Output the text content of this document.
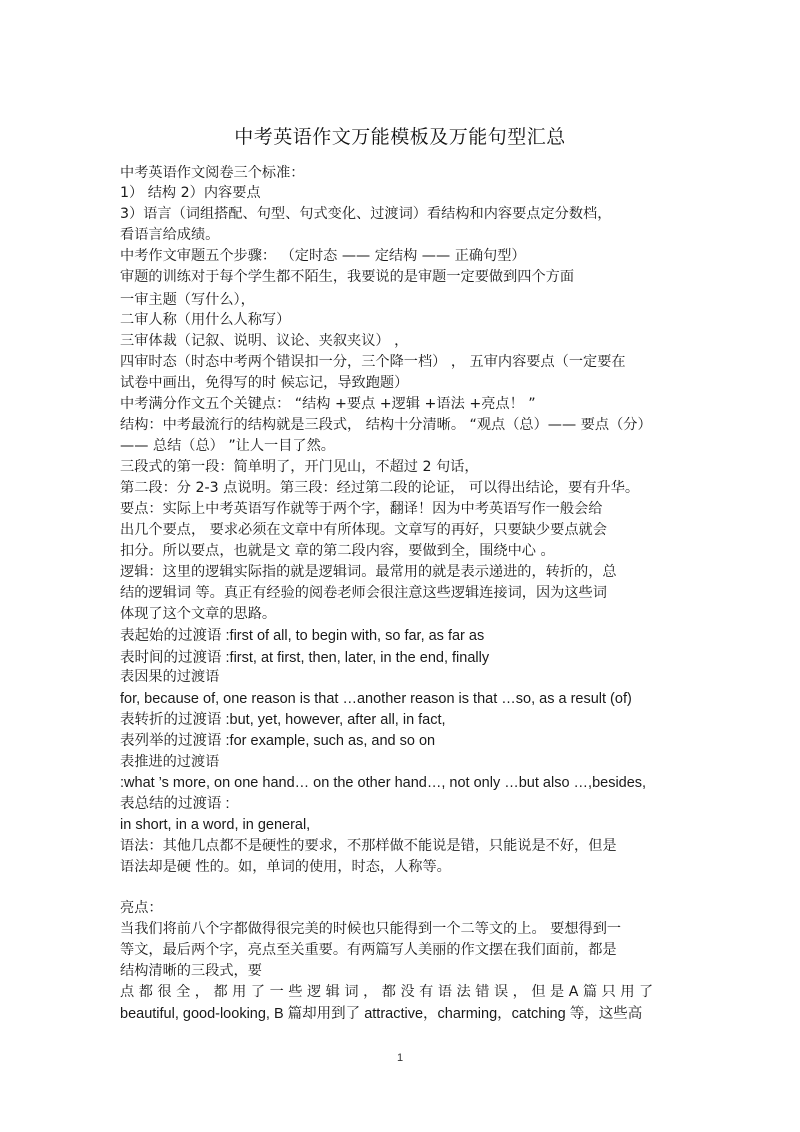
中考英语作文万能模板及万能句型汇总
中考英语作文阅卷三个标准：
1） 结构 2）内容要点
3）语言（词组搭配、句型、句式变化、过渡词）看结构和内容要点定分数档，
看语言给成绩。
中考作文审题五个步骤： （定时态 —— 定结构 —— 正确句型）
审题的训练对于每个学生都不陌生，我要说的是审题一定要做到四个方面
一审主题（写什么），
二审人称（用什么人称写）
三审体裁（记叙、说明、议论、夹叙夹议） ，
四审时态（时态中考两个错误扣一分，三个降一档） ， 五审内容要点（一定要在
试卷中画出，免得写的时 候忘记，导致跑题）
中考满分作文五个关键点： “结构 +要点 +逻辑 +语法 +亮点！ ”
结构：中考最流行的结构就是三段式， 结构十分清晰。 “观点（总）—— 要点（分）
—— 总结（总） ”让人一目了然。
三段式的第一段：简单明了，开门见山，不超过 2 句话，
第二段：分 2-3 点说明。第三段：经过第二段的论证， 可以得出结论，要有升华。
要点：实际上中考英语写作就等于两个字，翻译！因为中考英语写作一般会给
出几个要点， 要求必须在文章中有所体现。文章写的再好，只要缺少要点就会
扣分。所以要点，也就是文 章的第二段内容，要做到全，围绕中心 。
逻辑：这里的逻辑实际指的就是逻辑词。最常用的就是表示递进的，转折的，总
结的逻辑词 等。真正有经验的阅卷老师会很注意这些逻辑连接词，因为这些词
体现了这个文章的思路。
表起始的过渡语 :first of all, to begin with, so far, as far as
表时间的过渡语 :first, at first, then, later, in the end, finally
表因果的过渡语
for, because of, one reason is that …another reason is that …so, as a result (of)
表转折的过渡语 :but, yet, however, after all, in fact,
表列举的过渡语 :for example, such as, and so on
表推进的过渡语
:what ’s more, on one hand… on the other hand…, not only …but also …,besides,
表总结的过渡语 :
in short, in a word, in general,
语法：其他几点都不是硬性的要求，不那样做不能说是错，只能说是不好，但是
语法却是硬 性的。如，单词的使用，时态，人称等。
亮点：
当我们将前八个字都做得很完美的时候也只能得到一个二等文的上。 要想得到一
等文，最后两个字，亮点至关重要。有两篇写人美丽的作文摆在我们面前，都是
结构清晰的三段式，要
点 都 很 全 ， 都 用 了 一 些 逻 辑 词 ， 都 没 有 语 法 错 误 ， 但 是 A 篇 只 用 了
beautiful, good-looking, B 篇却用到了 attractive，charming，catching 等，这些高
1
